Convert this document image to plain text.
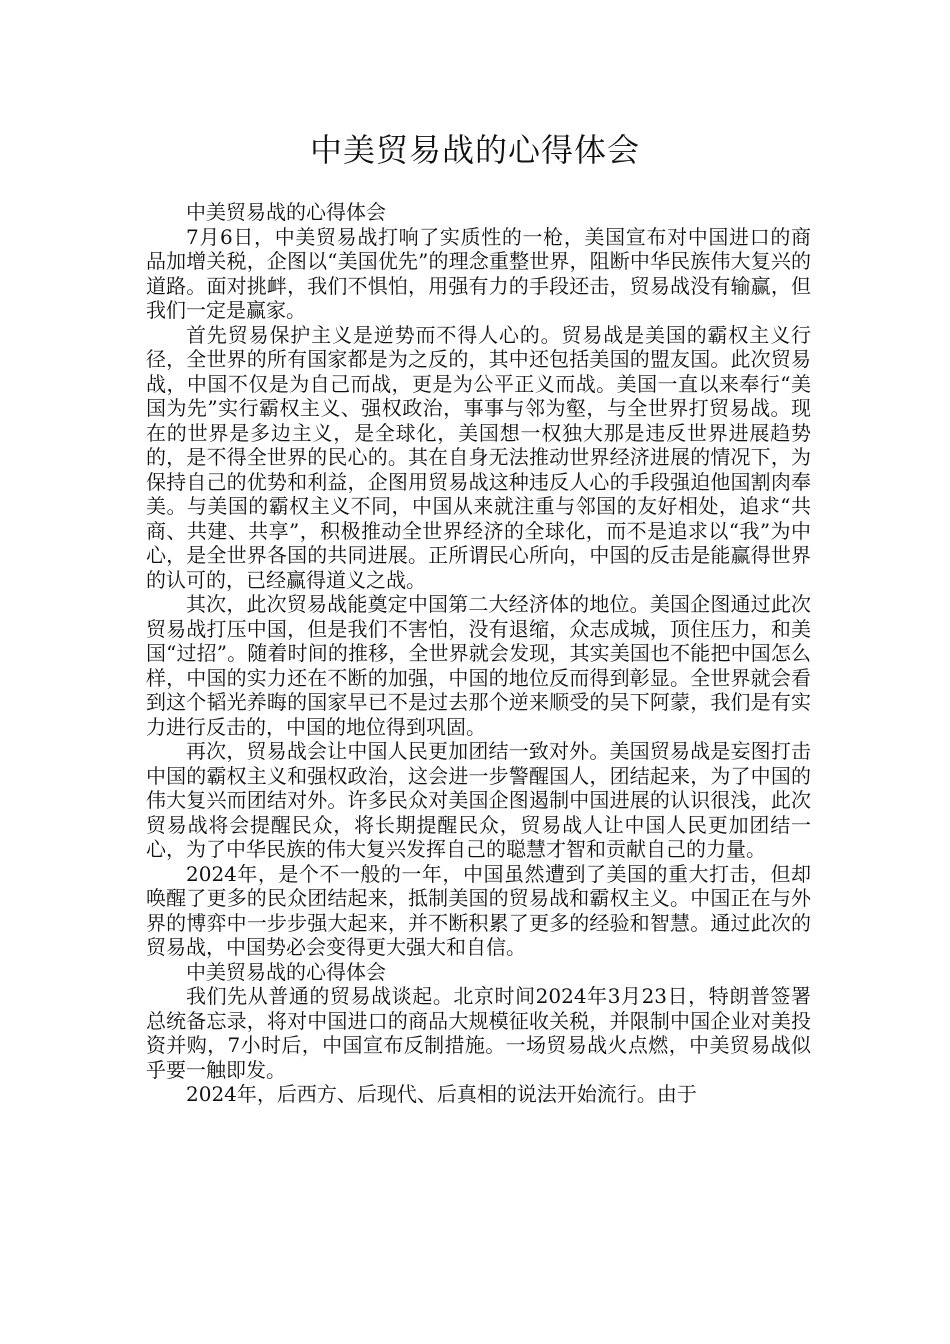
中美贸易战的心得体会

中美贸易战的心得体会

7月6日，中美贸易战打响了实质性的一枪，美国宣布对中国进口的商品加增关税，企图以“美国优先”的理念重整世界，阻断中华民族伟大复兴的道路。面对挑衅，我们不惧怕，用强有力的手段还击，贸易战没有输赢，但我们一定是赢家。

首先贸易保护主义是逆势而不得人心的。贸易战是美国的霸权主义行径，全世界的所有国家都是为之反的，其中还包括美国的盟友国。此次贸易战，中国不仅是为自己而战，更是为公平正义而战。美国一直以来奉行“美国为先”实行霸权主义、强权政治，事事与邻为壑，与全世界打贸易战。现在的世界是多边主义，是全球化，美国想一权独大那是违反世界进展趋势的，是不得全世界的民心的。其在自身无法推动世界经济进展的情况下，为保持自己的优势和利益，企图用贸易战这种违反人心的手段强迫他国割肉奉美。与美国的霸权主义不同，中国从来就注重与邻国的友好相处，追求“共商、共建、共享”，积极推动全世界经济的全球化，而不是追求以“我”为中心，是全世界各国的共同进展。正所谓民心所向，中国的反击是能赢得世界的认可的，已经赢得道义之战。

其次，此次贸易战能奠定中国第二大经济体的地位。美国企图通过此次贸易战打压中国，但是我们不害怕，没有退缩，众志成城，顶住压力，和美国“过招”。随着时间的推移，全世界就会发现，其实美国也不能把中国怎么样，中国的实力还在不断的加强，中国的地位反而得到彰显。全世界就会看到这个韬光养晦的国家早已不是过去那个逆来顺受的吴下阿蒙，我们是有实力进行反击的，中国的地位得到巩固。

再次，贸易战会让中国人民更加团结一致对外。美国贸易战是妄图打击中国的霸权主义和强权政治，这会进一步警醒国人，团结起来，为了中国的伟大复兴而团结对外。许多民众对美国企图遏制中国进展的认识很浅，此次贸易战将会提醒民众，将长期提醒民众，贸易战人让中国人民更加团结一心，为了中华民族的伟大复兴发挥自己的聪慧才智和贡献自己的力量。

2024年，是个不一般的一年，中国虽然遭到了美国的重大打击，但却唤醒了更多的民众团结起来，抵制美国的贸易战和霸权主义。中国正在与外界的博弈中一步步强大起来，并不断积累了更多的经验和智慧。通过此次的贸易战，中国势必会变得更大强大和自信。

中美贸易战的心得体会

我们先从普通的贸易战谈起。北京时间2024年3月23日，特朗普签署总统备忘录，将对中国进口的商品大规模征收关税，并限制中国企业对美投资并购，7小时后，中国宣布反制措施。一场贸易战火点燃，中美贸易战似乎要一触即发。

2024年，后西方、后现代、后真相的说法开始流行。由于
